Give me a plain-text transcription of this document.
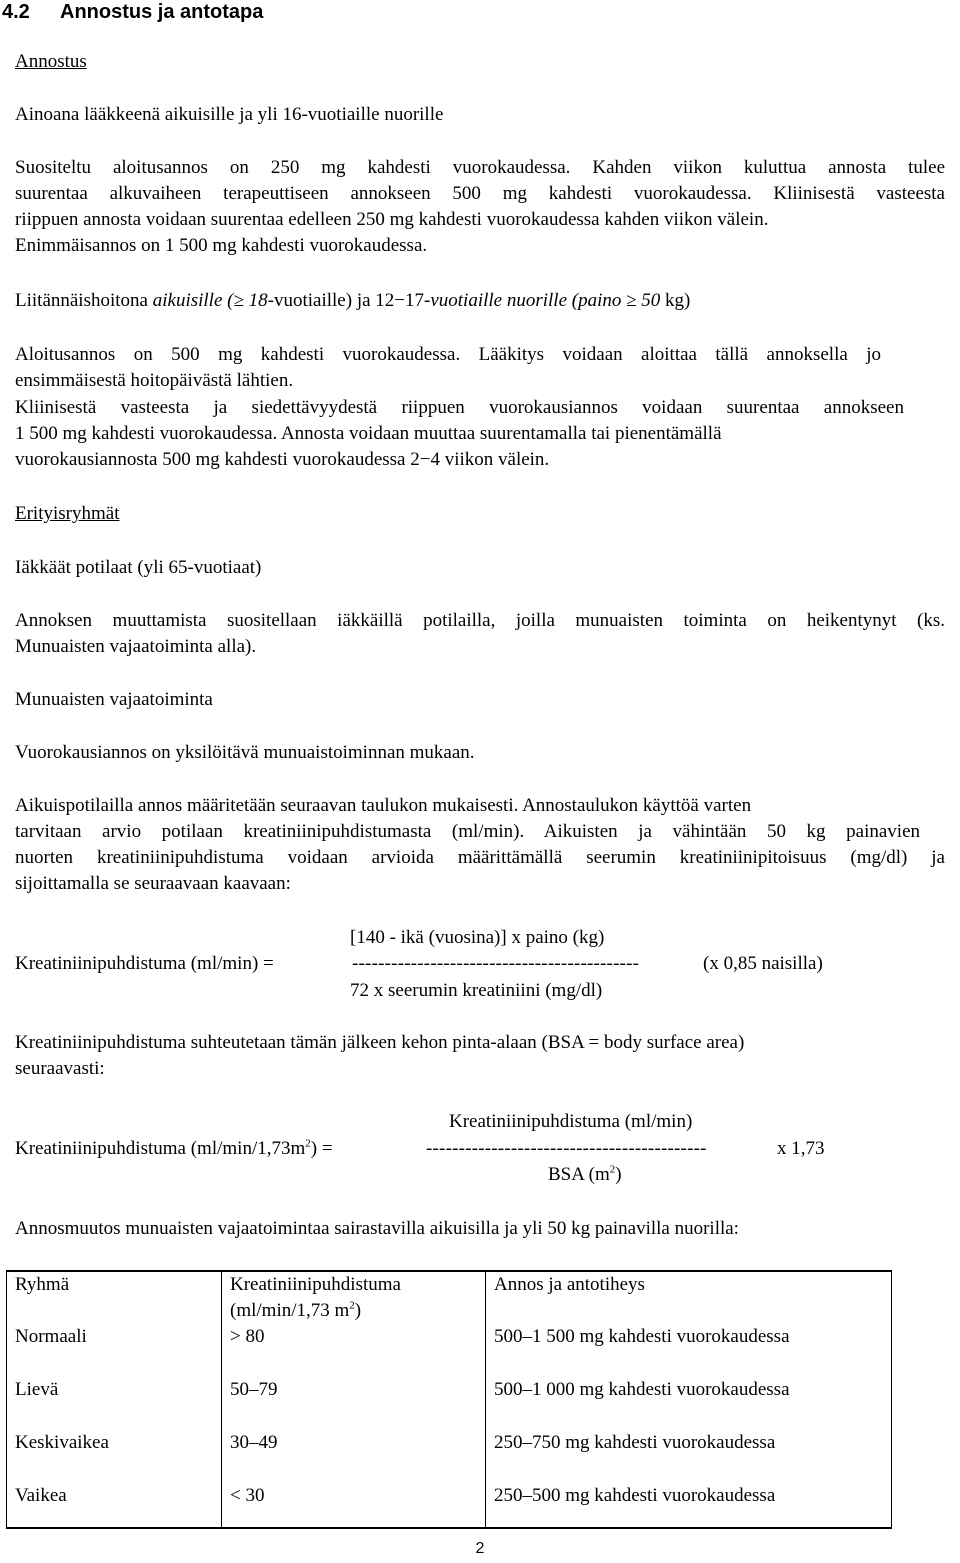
4.2 Annostus ja antotapa
Annostus
Ainoana lääkkeenä aikuisille ja yli 16-vuotiaille nuorille
Suositeltu aloitusannos on 250 mg kahdesti vuorokaudessa. Kahden viikon kuluttua annosta tulee
suurentaa alkuvaiheen terapeuttiseen annokseen 500 mg kahdesti vuorokaudessa. Kliinisestä vasteesta
riippuen annosta voidaan suurentaa edelleen 250 mg kahdesti vuorokaudessa kahden viikon välein.
Enimmäisannos on 1 500 mg kahdesti vuorokaudessa.
Liitännäishoitona aikuisille (≥ 18-vuotiaille) ja 12−17-vuotiaille nuorille (paino ≥ 50 kg)
Aloitusannos on 500 mg kahdesti vuorokaudessa. Lääkitys voidaan aloittaa tällä annoksella jo
ensimmäisestä hoitopäivästä lähtien.
Kliinisestä vasteesta ja siedettävyydestä riippuen vuorokausiannos voidaan suurentaa annokseen
1 500 mg kahdesti vuorokaudessa. Annosta voidaan muuttaa suurentamalla tai pienentämällä
vuorokausiannosta 500 mg kahdesti vuorokaudessa 2−4 viikon välein.
Erityisryhmät
Iäkkäät potilaat (yli 65-vuotiaat)
Annoksen muuttamista suositellaan iäkkäillä potilailla, joilla munuaisten toiminta on heikentynyt (ks.
Munuaisten vajaatoiminta alla).
Munuaisten vajaatoiminta
Vuorokausiannos on yksilöitävä munuaistoiminnan mukaan.
Aikuispotilailla annos määritetään seuraavan taulukon mukaisesti. Annostaulukon käyttöä varten
tarvitaan arvio potilaan kreatiniinipuhdistumasta (ml/min). Aikuisten ja vähintään 50 kg painavien
nuorten kreatiniinipuhdistuma voidaan arvioida määrittämällä seerumin kreatiniinipitoisuus (mg/dl) ja
sijoittamalla se seuraavaan kaavaan:
[140 - ikä (vuosina)] x paino (kg)
Kreatiniinipuhdistuma (ml/min) =	--------------------------------------------	(x 0,85 naisilla)
72 x seerumin kreatiniini (mg/dl)
Kreatiniinipuhdistuma suhteutetaan tämän jälkeen kehon pinta-alaan (BSA = body surface area)
seuraavasti:
Kreatiniinipuhdistuma (ml/min)
Kreatiniinipuhdistuma $(ml/\min/1,73m^2)$ =	-------------------------------------------	x 1,73
BSA $(m^2)$
Annosmuutos munuaisten vajaatoimintaa sairastavilla aikuisilla ja yli 50 kg painavilla nuorilla:
Ryhmä	Kreatiniinipuhdistuma
(ml/min/1,73 $m^2$)	Annos ja antotiheys
Normaali	> 80	500–1 500 mg kahdesti vuorokaudessa
Lievä	50–79	500–1 000 mg kahdesti vuorokaudessa
Keskivaikea	30–49	250–750 mg kahdesti vuorokaudessa
Vaikea	< 30	250–500 mg kahdesti vuorokaudessa
2
